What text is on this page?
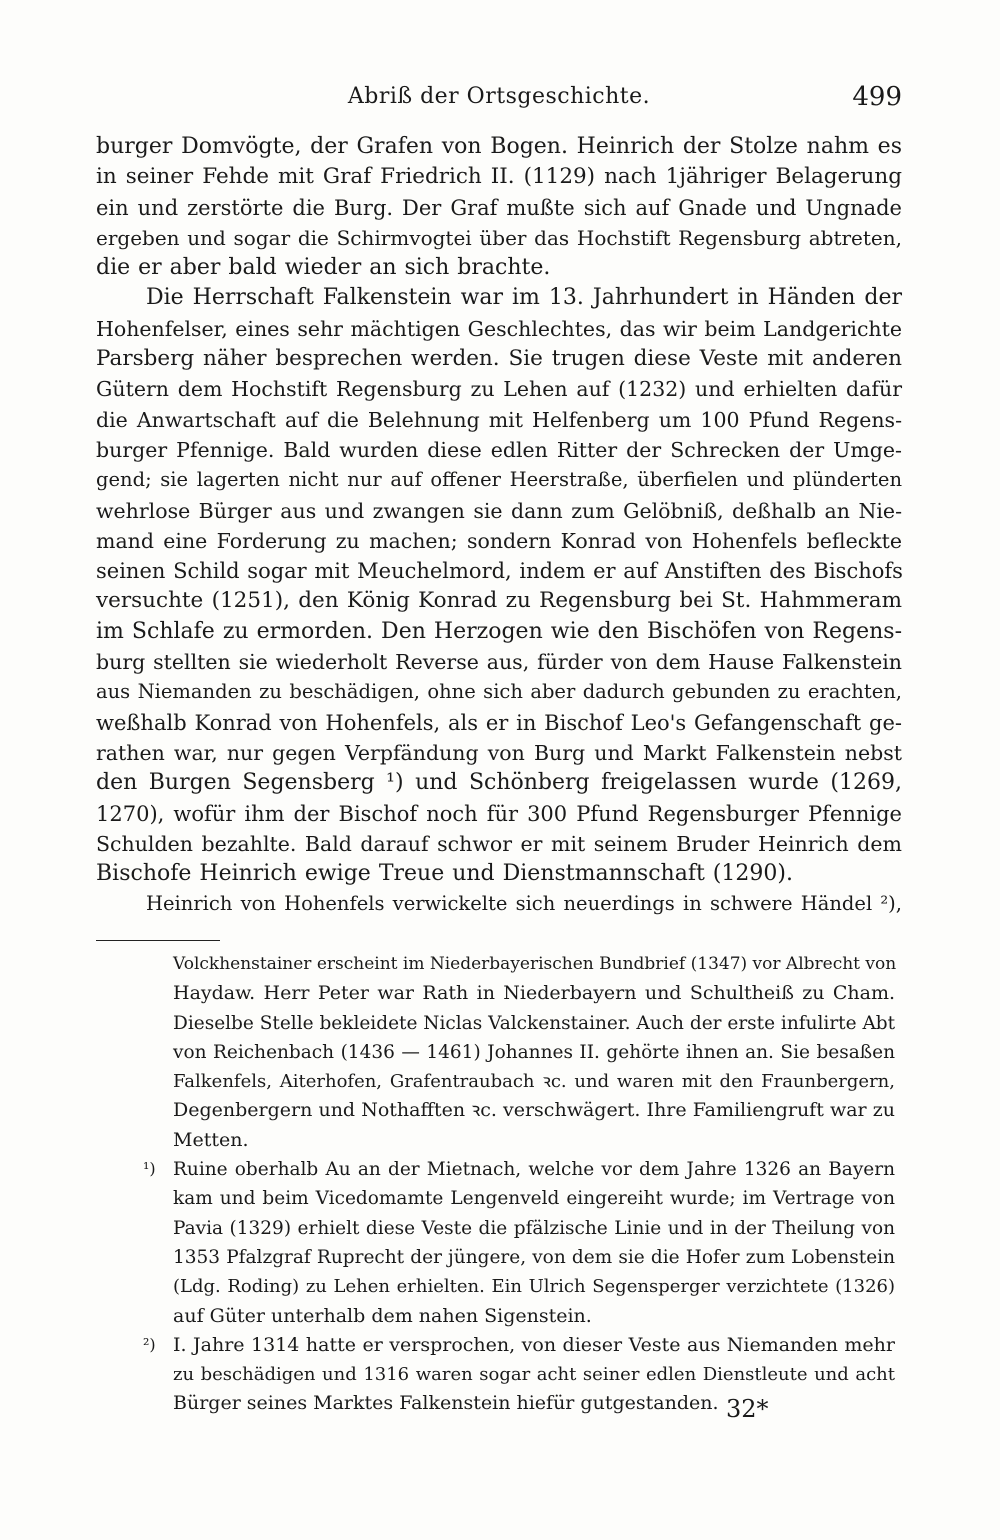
Abriß der Ortsgeschichte.	499
burger Domvögte, der Grafen von Bogen. Heinrich der Stolze nahm es
in seiner Fehde mit Graf Friedrich II. (1129) nach 1jähriger Belagerung
ein und zerstörte die Burg. Der Graf mußte sich auf Gnade und Ungnade
ergeben und sogar die Schirmvogtei über das Hochstift Regensburg abtreten,
die er aber bald wieder an sich brachte.
Die Herrschaft Falkenstein war im 13. Jahrhundert in Händen der
Hohenfelser, eines sehr mächtigen Geschlechtes, das wir beim Landgerichte
Parsberg näher besprechen werden. Sie trugen diese Veste mit anderen
Gütern dem Hochstift Regensburg zu Lehen auf (1232) und erhielten dafür
die Anwartschaft auf die Belehnung mit Helfenberg um 100 Pfund Regens-
burger Pfennige. Bald wurden diese edlen Ritter der Schrecken der Umge-
gend; sie lagerten nicht nur auf offener Heerstraße, überfielen und plünderten
wehrlose Bürger aus und zwangen sie dann zum Gelöbniß, deßhalb an Nie-
mand eine Forderung zu machen; sondern Konrad von Hohenfels befleckte
seinen Schild sogar mit Meuchelmord, indem er auf Anstiften des Bischofs
versuchte (1251), den König Konrad zu Regensburg bei St. Hahmmeram
im Schlafe zu ermorden. Den Herzogen wie den Bischöfen von Regens-
burg stellten sie wiederholt Reverse aus, fürder von dem Hause Falkenstein
aus Niemanden zu beschädigen, ohne sich aber dadurch gebunden zu erachten,
weßhalb Konrad von Hohenfels, als er in Bischof Leo's Gefangenschaft ge-
rathen war, nur gegen Verpfändung von Burg und Markt Falkenstein nebst
den Burgen Segensberg ¹) und Schönberg freigelassen wurde (1269,
1270), wofür ihm der Bischof noch für 300 Pfund Regensburger Pfennige
Schulden bezahlte. Bald darauf schwor er mit seinem Bruder Heinrich dem
Bischofe Heinrich ewige Treue und Dienstmannschaft (1290).
Heinrich von Hohenfels verwickelte sich neuerdings in schwere Händel ²),
Volckhenstainer erscheint im Niederbayerischen Bundbrief (1347) vor Albrecht von
Haydaw. Herr Peter war Rath in Niederbayern und Schultheiß zu Cham.
Dieselbe Stelle bekleidete Niclas Valckenstainer. Auch der erste infulirte Abt
von Reichenbach (1436 — 1461) Johannes II. gehörte ihnen an. Sie besaßen
Falkenfels, Aiterhofen, Grafentraubach ꝛc. und waren mit den Fraunbergern,
Degenbergern und Nothafften ꝛc. verschwägert. Ihre Familiengruft war zu
Metten.
¹) Ruine oberhalb Au an der Mietnach, welche vor dem Jahre 1326 an Bayern
kam und beim Vicedomamte Lengenveld eingereiht wurde; im Vertrage von
Pavia (1329) erhielt diese Veste die pfälzische Linie und in der Theilung von
1353 Pfalzgraf Ruprecht der jüngere, von dem sie die Hofer zum Lobenstein
(Ldg. Roding) zu Lehen erhielten. Ein Ulrich Segensperger verzichtete (1326)
auf Güter unterhalb dem nahen Sigenstein.
²) I. Jahre 1314 hatte er versprochen, von dieser Veste aus Niemanden mehr
zu beschädigen und 1316 waren sogar acht seiner edlen Dienstleute und acht
Bürger seines Marktes Falkenstein hiefür gutgestanden. 32*
